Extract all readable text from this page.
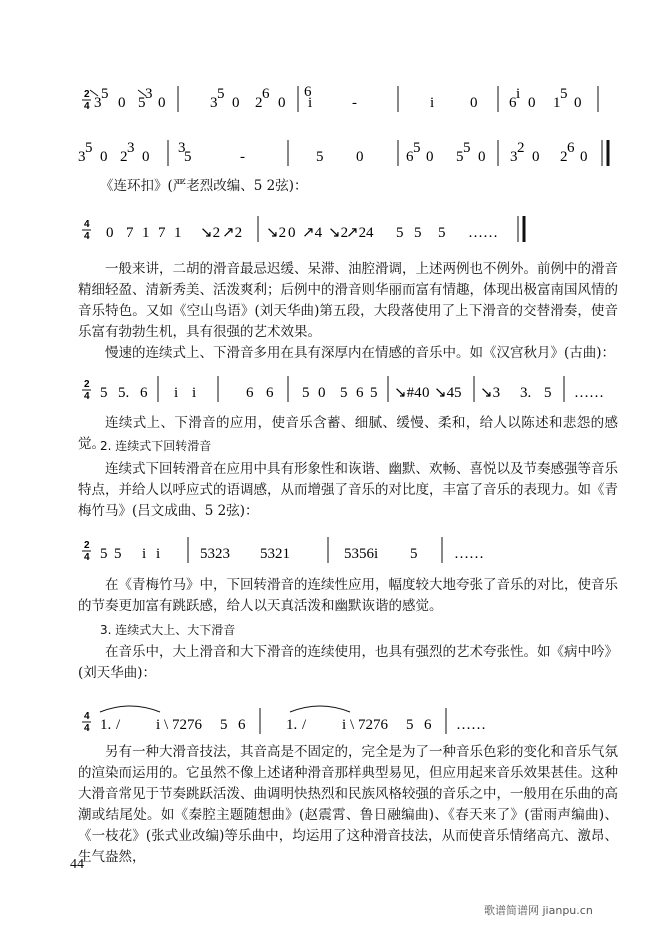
2
4 3
5
0 5
3
0	3
5
0 2
6
0 i
6
-	i 0 6
i
0 1
5
0
3
5
0 2
3
0 5
3
-	5 0	6
5
0 5
5
0 3
2
0 2
6
0

《连环扣》(严老烈改编、5 2弦)：

4
4 0 7 1 7 1 ↘2 ↗2 ↘2 0 ↗4 ↘2
↗2 4 5 5 5 ……

一般来讲，二胡的滑音最忌迟缓、呆滞、油腔滑调，上述两例也不例外。前例中的滑音精细轻盈、清新秀美、活泼爽利；后例中的滑音则华丽而富有情趣，体现出极富南国风情的音乐特色。又如《空山鸟语》(刘天华曲)第五段，大段落使用了上下滑音的交替滑奏，使音乐富有勃勃生机，具有很强的艺术效果。

慢速的连续式上、下滑音多用在具有深厚内在情感的音乐中。如《汉宫秋月》(古曲)：

2
4 5 5. 6 i i	6 6 5 0 5 6 5 ↘#4 0 ↘4 5 ↘3 3. 5 ……

连续式上、下滑音的应用，使音乐含蓄、细腻、缓慢、柔和，给人以陈述和悲怨的感觉。

2. 连续式下回转滑音

连续式下回转滑音在应用中具有形象性和诙谐、幽默、欢畅、喜悦以及节奏感强等音乐特点，并给人以呼应式的语调感，从而增强了音乐的对比度，丰富了音乐的表现力。如《青梅竹马》(吕文成曲、5 2弦)：

2
4 5 5 i i	5323 5321	5356i 5 ……

在《青梅竹马》中，下回转滑音的连续性应用，幅度较大地夸张了音乐的对比，使音乐的节奏更加富有跳跃感，给人以天真活泼和幽默诙谐的感觉。

3. 连续式大上、大下滑音

在音乐中，大上滑音和大下滑音的连续使用，也具有强烈的艺术夸张性。如《病中吟》(刘天华曲)：

4
4 1. / i \ 7276 5 6	1. / i \ 7276 5 6 ……

另有一种大滑音技法，其音高是不固定的，完全是为了一种音乐色彩的变化和音乐气氛的渲染而运用的。它虽然不像上述诸种滑音那样典型易见，但应用起来音乐效果甚佳。这种大滑音常见于节奏跳跃活泼、曲调明快热烈和民族风格较强的音乐之中，一般用在乐曲的高潮或结尾处。如《秦腔主题随想曲》(赵震霄、鲁日融编曲)、《春天来了》(雷雨声编曲)、《一枝花》(张式业改编)等乐曲中，均运用了这种滑音技法，从而使音乐情绪高亢、激昂、生气盎然，

44
歌谱简谱网 jianpu.cn
